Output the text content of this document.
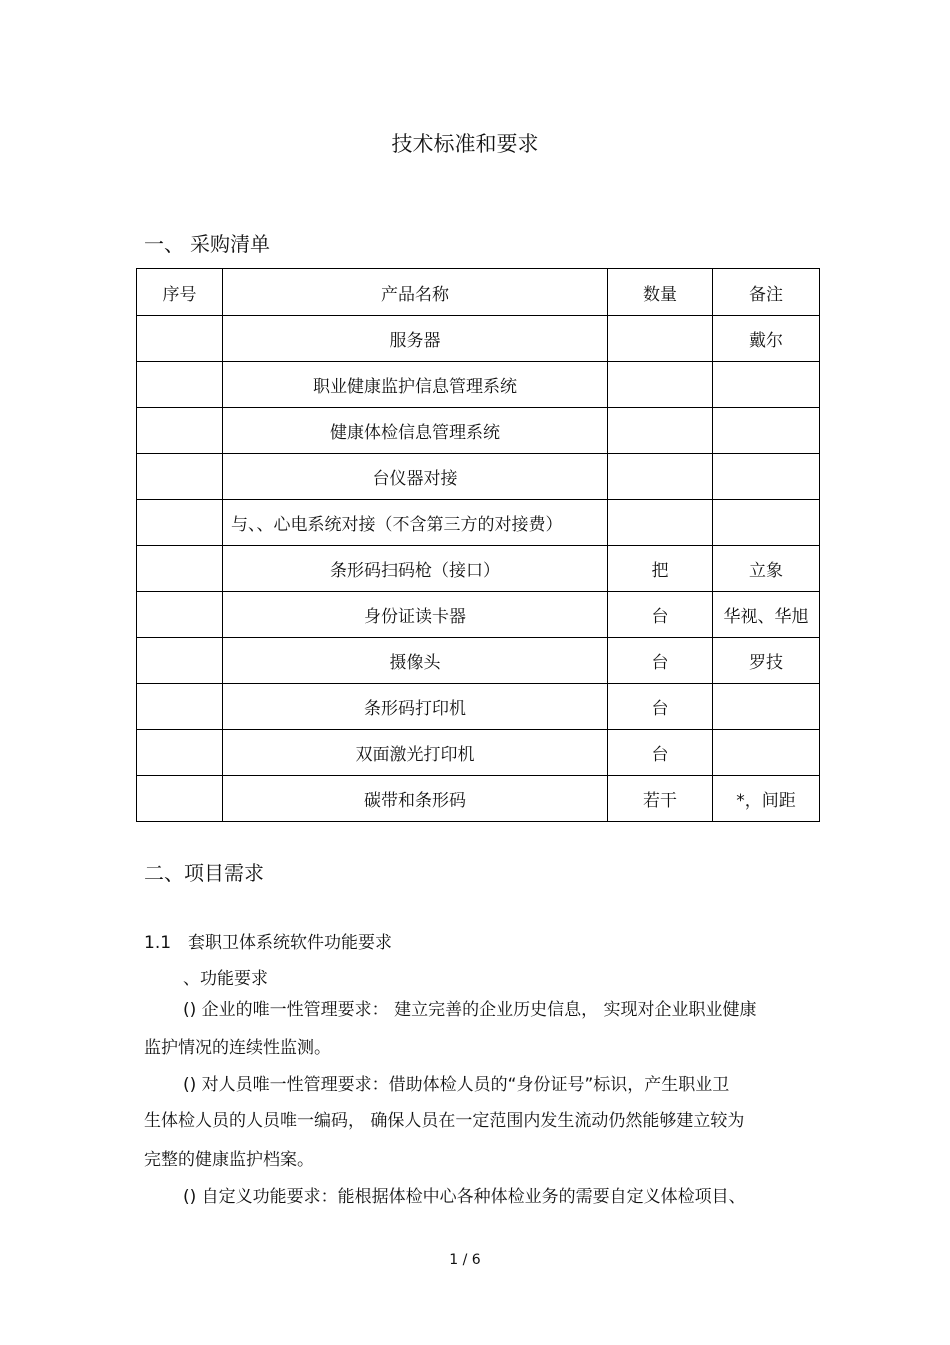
技术标准和要求
一、 采购清单
序号	产品名称	数量	备注
	服务器		戴尔
	职业健康监护信息管理系统		
	健康体检信息管理系统		
	台仪器对接		
	与、、心电系统对接（不含第三方的对接费）		
	条形码扫码枪（接口）	把	立象
	身份证读卡器	台	华视、华旭
	摄像头	台	罗技
	条形码打印机	台	
	双面激光打印机	台	
	碳带和条形码	若干	*，间距
二、项目需求
1.1 套职卫体系统软件功能要求
、功能要求
() 企业的唯一性管理要求： 建立完善的企业历史信息， 实现对企业职业健康
监护情况的连续性监测。
() 对人员唯一性管理要求：借助体检人员的“身份证号”标识，产生职业卫
生体检人员的人员唯一编码， 确保人员在一定范围内发生流动仍然能够建立较为
完整的健康监护档案。
() 自定义功能要求：能根据体检中心各种体检业务的需要自定义体检项目、
1 / 6
